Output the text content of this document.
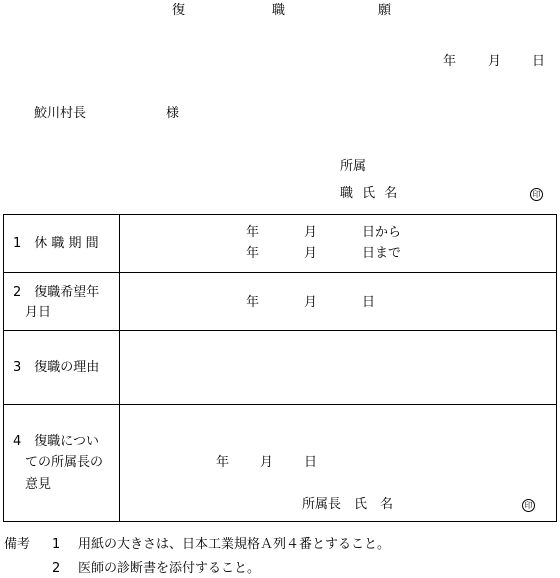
復	職	願
年 月 日
鮫川村長	様
所属
職 氏 名	印
1　休 職 期 間
年	月	日から
年	月	日まで
2　復職希望年
月日
年	月	日
3　復職の理由
4　復職につい
ての所属長の
意見
年 月 日
所属長　氏　名	印
備考 1 用紙の大きさは、日本工業規格Ａ列４番とすること。
2 医師の診断書を添付すること。
